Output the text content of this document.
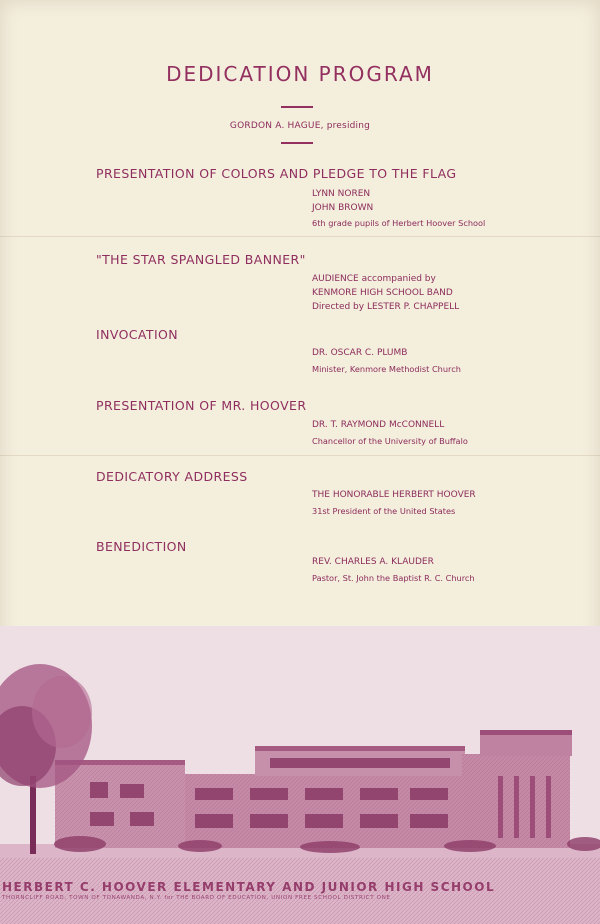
DEDICATION PROGRAM
GORDON A. HAGUE, presiding
PRESENTATION OF COLORS AND PLEDGE TO THE FLAG
LYNN NOREN
JOHN BROWN
6th grade pupils of Herbert Hoover School
"THE STAR SPANGLED BANNER"
AUDIENCE accompanied by
KENMORE HIGH SCHOOL BAND
Directed by LESTER P. CHAPPELL
INVOCATION
DR. OSCAR C. PLUMB
Minister, Kenmore Methodist Church
PRESENTATION OF MR. HOOVER
DR. T. RAYMOND McCONNELL
Chancellor of the University of Buffalo
DEDICATORY ADDRESS
THE HONORABLE HERBERT HOOVER
31st President of the United States
BENEDICTION
REV. CHARLES A. KLAUDER
Pastor, St. John the Baptist R. C. Church
HERBERT C. HOOVER ELEMENTARY AND JUNIOR HIGH SCHOOL
THORNCLIFF ROAD, TOWN OF TONAWANDA, N.Y. for THE BOARD OF EDUCATION, UNION FREE SCHOOL DISTRICT ONE
